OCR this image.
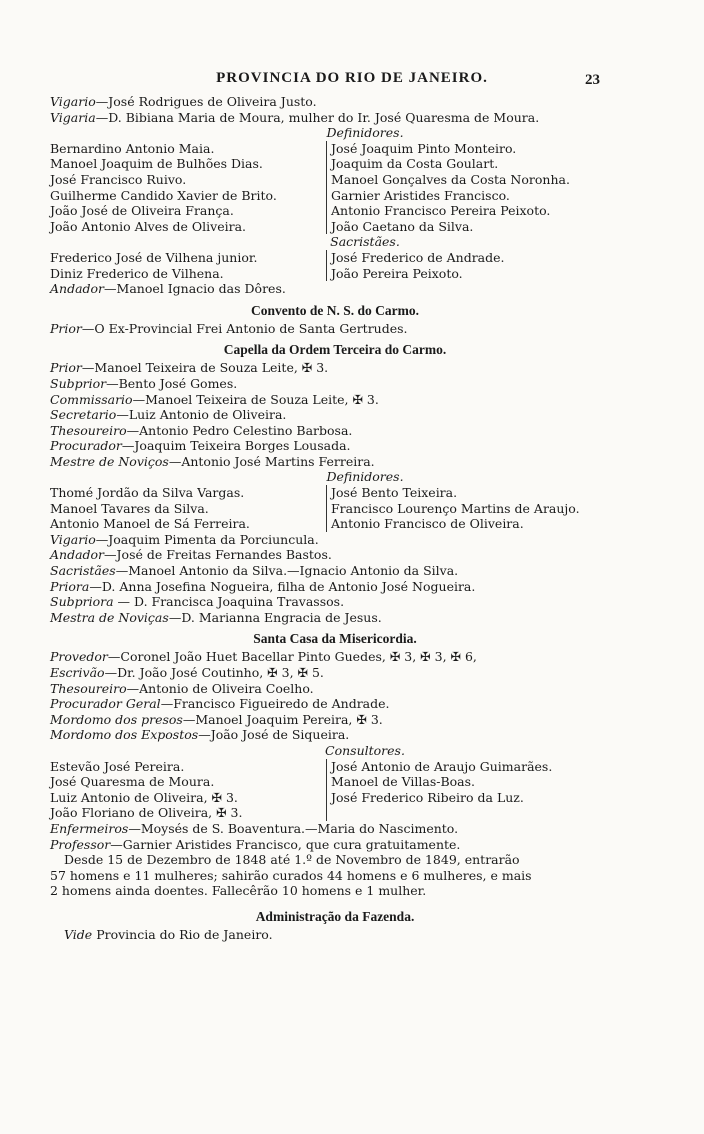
PROVINCIA DO RIO DE JANEIRO.	23
Vigario—José Rodrigues de Oliveira Justo.
Vigaria—D. Bibiana Maria de Moura, mulher do Ir. José Quaresma de Moura.
Definidores.
Bernardino Antonio Maia.
Manoel Joaquim de Bulhões Dias.
José Francisco Ruivo.
Guilherme Candido Xavier de Brito.
João José de Oliveira França.
João Antonio Alves de Oliveira.
José Joaquim Pinto Monteiro.
Joaquim da Costa Goulart.
Manoel Gonçalves da Costa Noronha.
Garnier Aristides Francisco.
Antonio Francisco Pereira Peixoto.
João Caetano da Silva.
Sacristães.
Frederico José de Vilhena junior.
Diniz Frederico de Vilhena.
José Frederico de Andrade.
João Pereira Peixoto.
Andador—Manoel Ignacio das Dôres.
Convento de N. S. do Carmo.
Prior—O Ex-Provincial Frei Antonio de Santa Gertrudes.
Capella da Ordem Terceira do Carmo.
Prior—Manoel Teixeira de Souza Leite, ✠ 3.
Subprior—Bento José Gomes.
Commissario—Manoel Teixeira de Souza Leite, ✠ 3.
Secretario—Luiz Antonio de Oliveira.
Thesoureiro—Antonio Pedro Celestino Barbosa.
Procurador—Joaquim Teixeira Borges Lousada.
Mestre de Noviços—Antonio José Martins Ferreira.
Definidores.
Thomé Jordão da Silva Vargas.
Manoel Tavares da Silva.
Antonio Manoel de Sá Ferreira.
José Bento Teixeira.
Francisco Lourenço Martins de Araujo.
Antonio Francisco de Oliveira.
Vigario—Joaquim Pimenta da Porciuncula.
Andador—José de Freitas Fernandes Bastos.
Sacristães—Manoel Antonio da Silva.—Ignacio Antonio da Silva.
Priora—D. Anna Josefina Nogueira, filha de Antonio José Nogueira.
Subpriora — D. Francisca Joaquina Travassos.
Mestra de Noviças—D. Marianna Engracia de Jesus.
Santa Casa da Misericordia.
Provedor—Coronel João Huet Bacellar Pinto Guedes, ✠ 3, ✠ 3, ✠ 6,
Escrivão—Dr. João José Coutinho, ✠ 3, ✠ 5.
Thesoureiro—Antonio de Oliveira Coelho.
Procurador Geral—Francisco Figueiredo de Andrade.
Mordomo dos presos—Manoel Joaquim Pereira, ✠ 3.
Mordomo dos Expostos—João José de Siqueira.
Consultores.
Estevão José Pereira.
José Quaresma de Moura.
Luiz Antonio de Oliveira, ✠ 3.
João Floriano de Oliveira, ✠ 3.
José Antonio de Araujo Guimarães.
Manoel de Villas-Boas.
José Frederico Ribeiro da Luz.

Enfermeiros—Moysés de S. Boaventura.—Maria do Nascimento.
Professor—Garnier Aristides Francisco, que cura gratuitamente.
Desde 15 de Dezembro de 1848 até 1.º de Novembro de 1849, entrarão
57 homens e 11 mulheres; sahirão curados 44 homens e 6 mulheres, e mais
2 homens ainda doentes. Fallecêrão 10 homens e 1 mulher.
Administração da Fazenda.
Vide Provincia do Rio de Janeiro.
